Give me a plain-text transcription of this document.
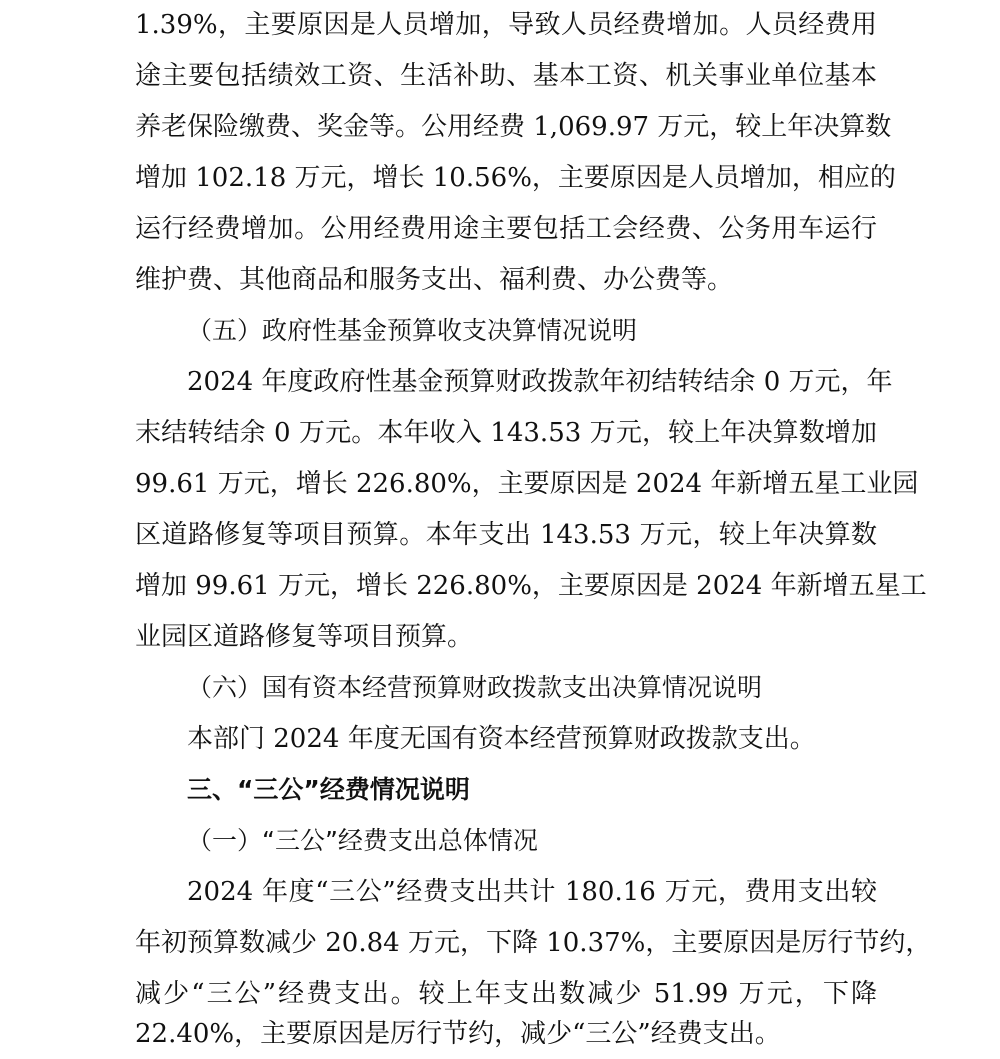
1.39%，主要原因是人员增加，导致人员经费增加。人员经费用
途主要包括绩效工资、生活补助、基本工资、机关事业单位基本
养老保险缴费、奖金等。公用经费 1,069.97 万元，较上年决算数
增加 102.18 万元，增长 10.56%，主要原因是人员增加，相应的
运行经费增加。公用经费用途主要包括工会经费、公务用车运行
维护费、其他商品和服务支出、福利费、办公费等。
（五）政府性基金预算收支决算情况说明
2024 年度政府性基金预算财政拨款年初结转结余 0 万元，年
末结转结余 0 万元。本年收入 143.53 万元，较上年决算数增加
99.61 万元，增长 226.80%，主要原因是 2024 年新增五星工业园
区道路修复等项目预算。本年支出 143.53 万元，较上年决算数
增加 99.61 万元，增长 226.80%，主要原因是 2024 年新增五星工
业园区道路修复等项目预算。
（六）国有资本经营预算财政拨款支出决算情况说明
本部门 2024 年度无国有资本经营预算财政拨款支出。
三、“三公”经费情况说明
（一）“三公”经费支出总体情况
2024 年度“三公”经费支出共计 180.16 万元，费用支出较
年初预算数减少 20.84 万元，下降 10.37%，主要原因是厉行节约，
减少“三公”经费支出。较上年支出数减少 51.99 万元，下降
22.40%，主要原因是厉行节约，减少“三公”经费支出。
